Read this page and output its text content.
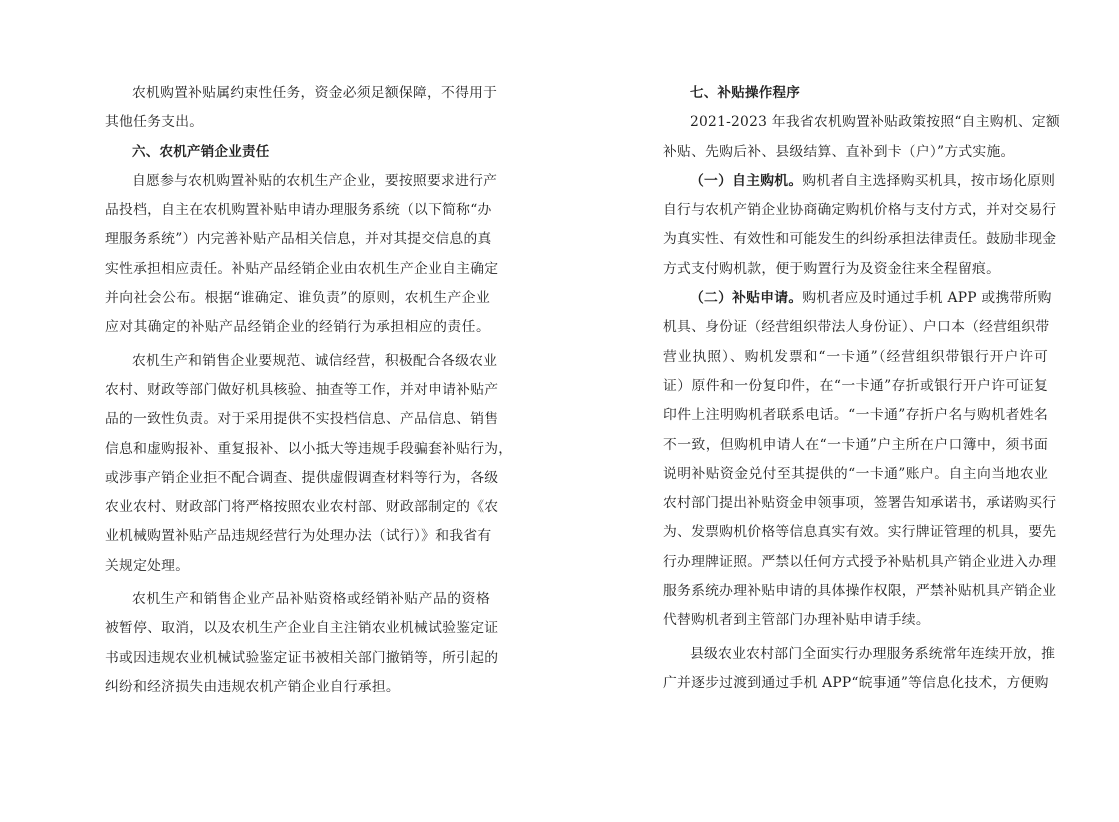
农机购置补贴属约束性任务，资金必须足额保障，不得用于
其他任务支出。
六、农机产销企业责任
自愿参与农机购置补贴的农机生产企业，要按照要求进行产
品投档，自主在农机购置补贴申请办理服务系统（以下简称“办
理服务系统”）内完善补贴产品相关信息，并对其提交信息的真
实性承担相应责任。补贴产品经销企业由农机生产企业自主确定
并向社会公布。根据“谁确定、谁负责”的原则，农机生产企业
应对其确定的补贴产品经销企业的经销行为承担相应的责任。
农机生产和销售企业要规范、诚信经营，积极配合各级农业
农村、财政等部门做好机具核验、抽查等工作，并对申请补贴产
品的一致性负责。对于采用提供不实投档信息、产品信息、销售
信息和虚购报补、重复报补、以小抵大等违规手段骗套补贴行为，
或涉事产销企业拒不配合调查、提供虚假调查材料等行为，各级
农业农村、财政部门将严格按照农业农村部、财政部制定的《农
业机械购置补贴产品违规经营行为处理办法（试行）》和我省有
关规定处理。
农机生产和销售企业产品补贴资格或经销补贴产品的资格
被暂停、取消，以及农机生产企业自主注销农业机械试验鉴定证
书或因违规农业机械试验鉴定证书被相关部门撤销等，所引起的
纠纷和经济损失由违规农机产销企业自行承担。
七、补贴操作程序
2021-2023 年我省农机购置补贴政策按照“自主购机、定额
补贴、先购后补、县级结算、直补到卡（户）”方式实施。
（一）自主购机。购机者自主选择购买机具，按市场化原则
自行与农机产销企业协商确定购机价格与支付方式，并对交易行
为真实性、有效性和可能发生的纠纷承担法律责任。鼓励非现金
方式支付购机款，便于购置行为及资金往来全程留痕。
（二）补贴申请。购机者应及时通过手机 APP 或携带所购
机具、身份证（经营组织带法人身份证）、户口本（经营组织带
营业执照）、购机发票和“一卡通”（经营组织带银行开户许可
证）原件和一份复印件，在“一卡通”存折或银行开户许可证复
印件上注明购机者联系电话。“一卡通”存折户名与购机者姓名
不一致，但购机申请人在“一卡通”户主所在户口簿中，须书面
说明补贴资金兑付至其提供的“一卡通”账户。自主向当地农业
农村部门提出补贴资金申领事项，签署告知承诺书，承诺购买行
为、发票购机价格等信息真实有效。实行牌证管理的机具，要先
行办理牌证照。严禁以任何方式授予补贴机具产销企业进入办理
服务系统办理补贴申请的具体操作权限，严禁补贴机具产销企业
代替购机者到主管部门办理补贴申请手续。
县级农业农村部门全面实行办理服务系统常年连续开放，推
广并逐步过渡到通过手机 APP“皖事通”等信息化技术，方便购
